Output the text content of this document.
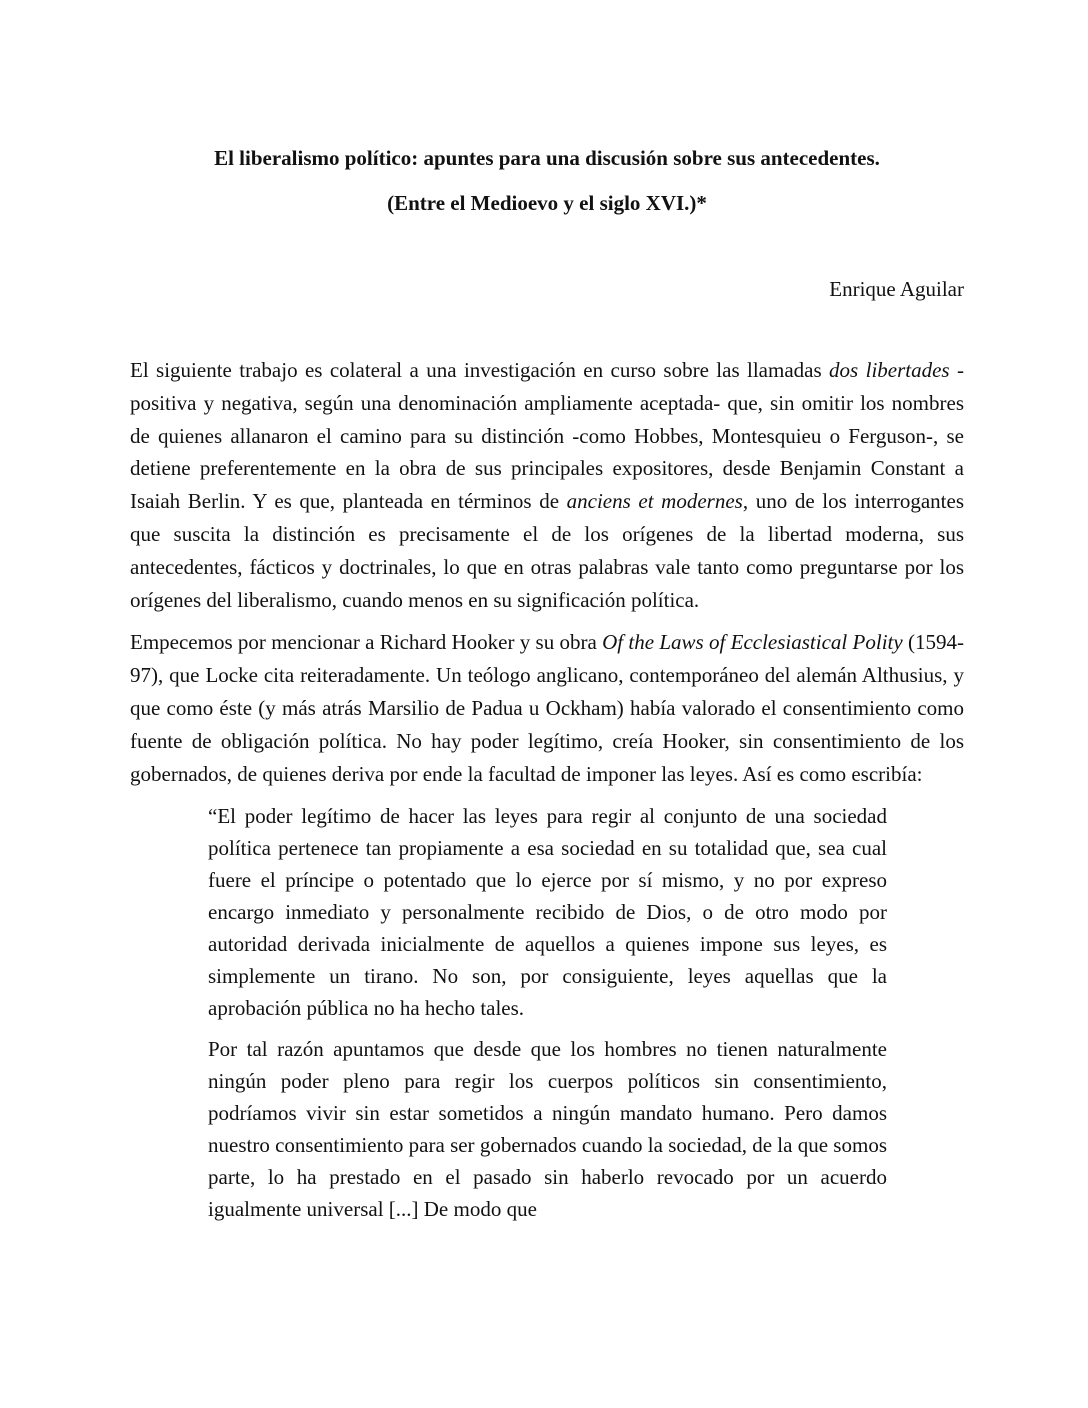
El liberalismo político: apuntes para una discusión sobre sus antecedentes.

(Entre el Medioevo y el siglo XVI.)*

Enrique Aguilar

El siguiente trabajo es colateral a una investigación en curso sobre las llamadas dos libertades -positiva y negativa, según una denominación ampliamente aceptada- que, sin omitir los nombres de quienes allanaron el camino para su distinción -como Hobbes, Montesquieu o Ferguson-, se detiene preferentemente en la obra de sus principales expositores, desde Benjamin Constant a Isaiah Berlin. Y es que, planteada en términos de anciens et modernes, uno de los interrogantes que suscita la distinción es precisamente el de los orígenes de la libertad moderna, sus antecedentes, fácticos y doctrinales, lo que en otras palabras vale tanto como preguntarse por los orígenes del liberalismo, cuando menos en su significación política.

Empecemos por mencionar a Richard Hooker y su obra Of the Laws of Ecclesiastical Polity (1594-97), que Locke cita reiteradamente. Un teólogo anglicano, contemporáneo del alemán Althusius, y que como éste (y más atrás Marsilio de Padua u Ockham) había valorado el consentimiento como fuente de obligación política. No hay poder legítimo, creía Hooker, sin consentimiento de los gobernados, de quienes deriva por ende la facultad de imponer las leyes. Así es como escribía:

“El poder legítimo de hacer las leyes para regir al conjunto de una sociedad política pertenece tan propiamente a esa sociedad en su totalidad que, sea cual fuere el príncipe o potentado que lo ejerce por sí mismo, y no por expreso encargo inmediato y personalmente recibido de Dios, o de otro modo por autoridad derivada inicialmente de aquellos a quienes impone sus leyes, es simplemente un tirano. No son, por consiguiente, leyes aquellas que la aprobación pública no ha hecho tales.

Por tal razón apuntamos que desde que los hombres no tienen naturalmente ningún poder pleno para regir los cuerpos políticos sin consentimiento, podríamos vivir sin estar sometidos a ningún mandato humano. Pero damos nuestro consentimiento para ser gobernados cuando la sociedad, de la que somos parte, lo ha prestado en el pasado sin haberlo revocado por un acuerdo igualmente universal [...] De modo que
